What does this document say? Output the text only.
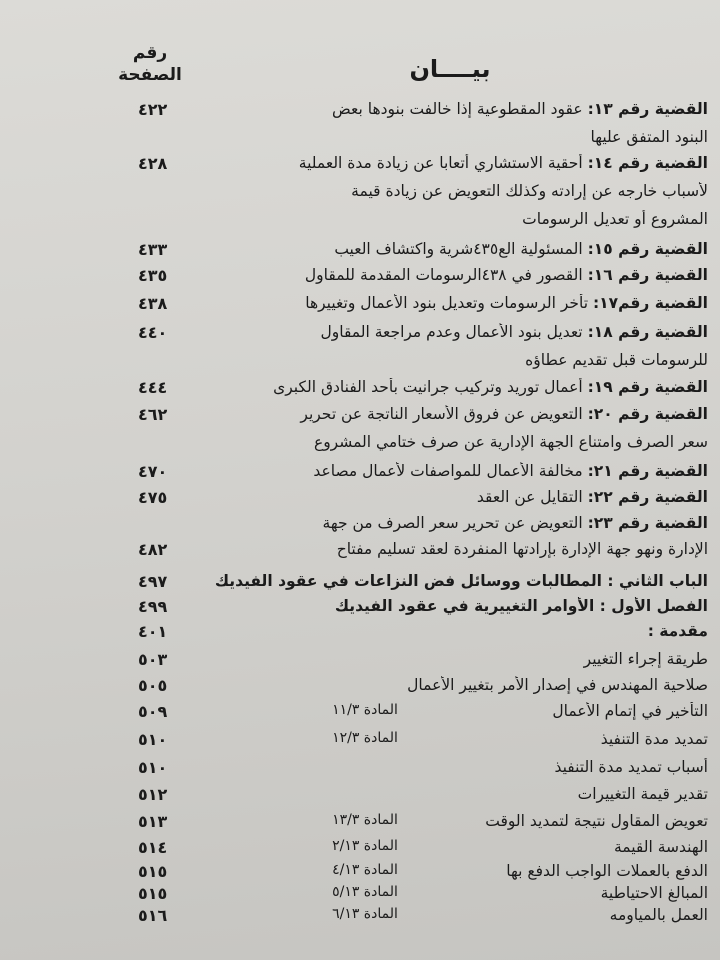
بيــــان
رقم
الصفحة
القضية رقم ١٣: عقود المقطوعية إذا خالفت بنودها بعض
٤٢٢
البنود المتفق عليها
القضية رقم ١٤: أحقية الاستشاري أتعابا عن زيادة مدة العملية
٤٢٨
لأسباب خارجه عن إرادته وكذلك التعويض عن زيادة قيمة
المشروع أو تعديل الرسومات
القضية رقم ١٥: المسئولية الع٤٣٥شرية واكتشاف العيب
٤٣٣
القضية رقم ١٦: القصور في ٤٣٨الرسومات المقدمة للمقاول
٤٣٥
القضية رقم١٧: تأخر الرسومات وتعديل بنود الأعمال وتغييرها
٤٣٨
القضية رقم ١٨: تعديل بنود الأعمال وعدم مراجعة المقاول
٤٤٠
للرسومات قبل تقديم عطاؤه
القضية رقم ١٩: أعمال توريد وتركيب جرانيت بأحد الفنادق الكبرى
٤٤٤
القضية رقم ٢٠: التعويض عن فروق الأسعار الناتجة عن تحرير
٤٦٢
سعر الصرف وامتناع الجهة الإدارية عن صرف ختامي المشروع
القضية رقم ٢١: مخالفة الأعمال للمواصفات لأعمال مصاعد
٤٧٠
القضية رقم ٢٢: التقايل عن العقد
٤٧٥
القضية رقم ٢٣: التعويض عن تحرير سعر الصرف من جهة
الإدارة ونهو جهة الإدارة بإرادتها المنفردة لعقد تسليم مفتاح
٤٨٢
الباب الثاني : المطالبات ووسائل فض النزاعات في عقود الفيديك
٤٩٧
الفصل الأول : الأوامر التغييرية في عقود الفيديك
٤٩٩
مقدمة :
٤٠١
طريقة إجراء التغيير
٥٠٣
صلاحية المهندس في إصدار الأمر بتغيير الأعمال
٥٠٥
التأخير في إتمام الأعمال
المادة ١١/٣
٥٠٩
تمديد مدة التنفيذ
المادة ١٢/٣
٥١٠
أسباب تمديد مدة التنفيذ
٥١٠
تقدير قيمة التغييرات
٥١٢
تعويض المقاول نتيجة لتمديد الوقت
المادة ١٣/٣
٥١٣
الهندسة القيمة
المادة ٢/١٣
٥١٤
الدفع بالعملات الواجب الدفع بها
المادة ٤/١٣
٥١٥
المبالغ الاحتياطية
المادة ٥/١٣
٥١٥
العمل بالمياومه
المادة ٦/١٣
٥١٦
